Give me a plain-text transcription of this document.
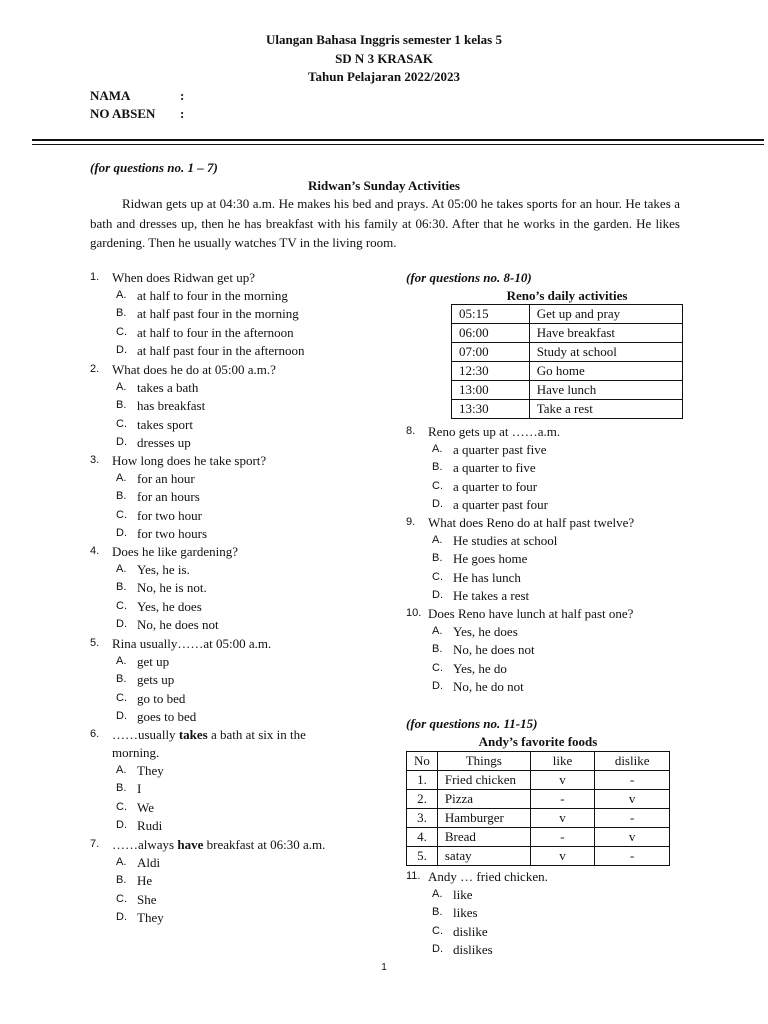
Ulangan Bahasa Inggris semester 1 kelas 5
SD N 3 KRASAK
Tahun Pelajaran 2022/2023
NAMA	:
NO ABSEN :
(for questions no. 1 – 7)
Ridwan’s Sunday Activities

Ridwan gets up at 04:30 a.m. He makes his bed and prays. At 05:00 he takes sports for an hour. He takes a bath and dresses up, then he has breakfast with his family at 06:30. After that he works in the garden. He likes gardening. Then he usually watches TV in the living room.

1. When does Ridwan get up?
A. at half to four in the morning
B. at half past four in the morning
C. at half to four in the afternoon
D. at half past four in the afternoon
2. What does he do at 05:00 a.m.?
A. takes a bath
B. has breakfast
C. takes sport
D. dresses up
3. How long does he take sport?
A. for an hour
B. for an hours
C. for two hour
D. for two hours
4. Does he like gardening?
A. Yes, he is.
B. No, he is not.
C. Yes, he does
D. No, he does not
5. Rina usually……at 05:00 a.m.
A. get up
B. gets up
C. go to bed
D. goes to bed
6. ……usually takes a bath at six in the
morning.
A. They
B. I
C. We
D. Rudi
7. ……always have breakfast at 06:30 a.m.
A. Aldi
B. He
C. She
D. They
(for questions no. 8-10)
Reno’s daily activities
05:15	Get up and pray
06:00	Have breakfast
07:00	Study at school
12:30	Go home
13:00	Have lunch
13:30	Take a rest
8. Reno gets up at ……a.m.
A. a quarter past five
B. a quarter to five
C. a quarter to four
D. a quarter past four
9. What does Reno do at half past twelve?
A. He studies at school
B. He goes home
C. He has lunch
D. He takes a rest
10. Does Reno have lunch at half past one?
A. Yes, he does
B. No, he does not
C. Yes, he do
D. No, he do not
(for questions no. 11-15)
Andy’s favorite foods
No	Things	like	dislike
1.	Fried chicken	v	-
2.	Pizza	-	v
3.	Hamburger	v	-
4.	Bread	-	v
5.	satay	v	-
11. Andy … fried chicken.
A. like
B. likes
C. dislike
D. dislikes
1
